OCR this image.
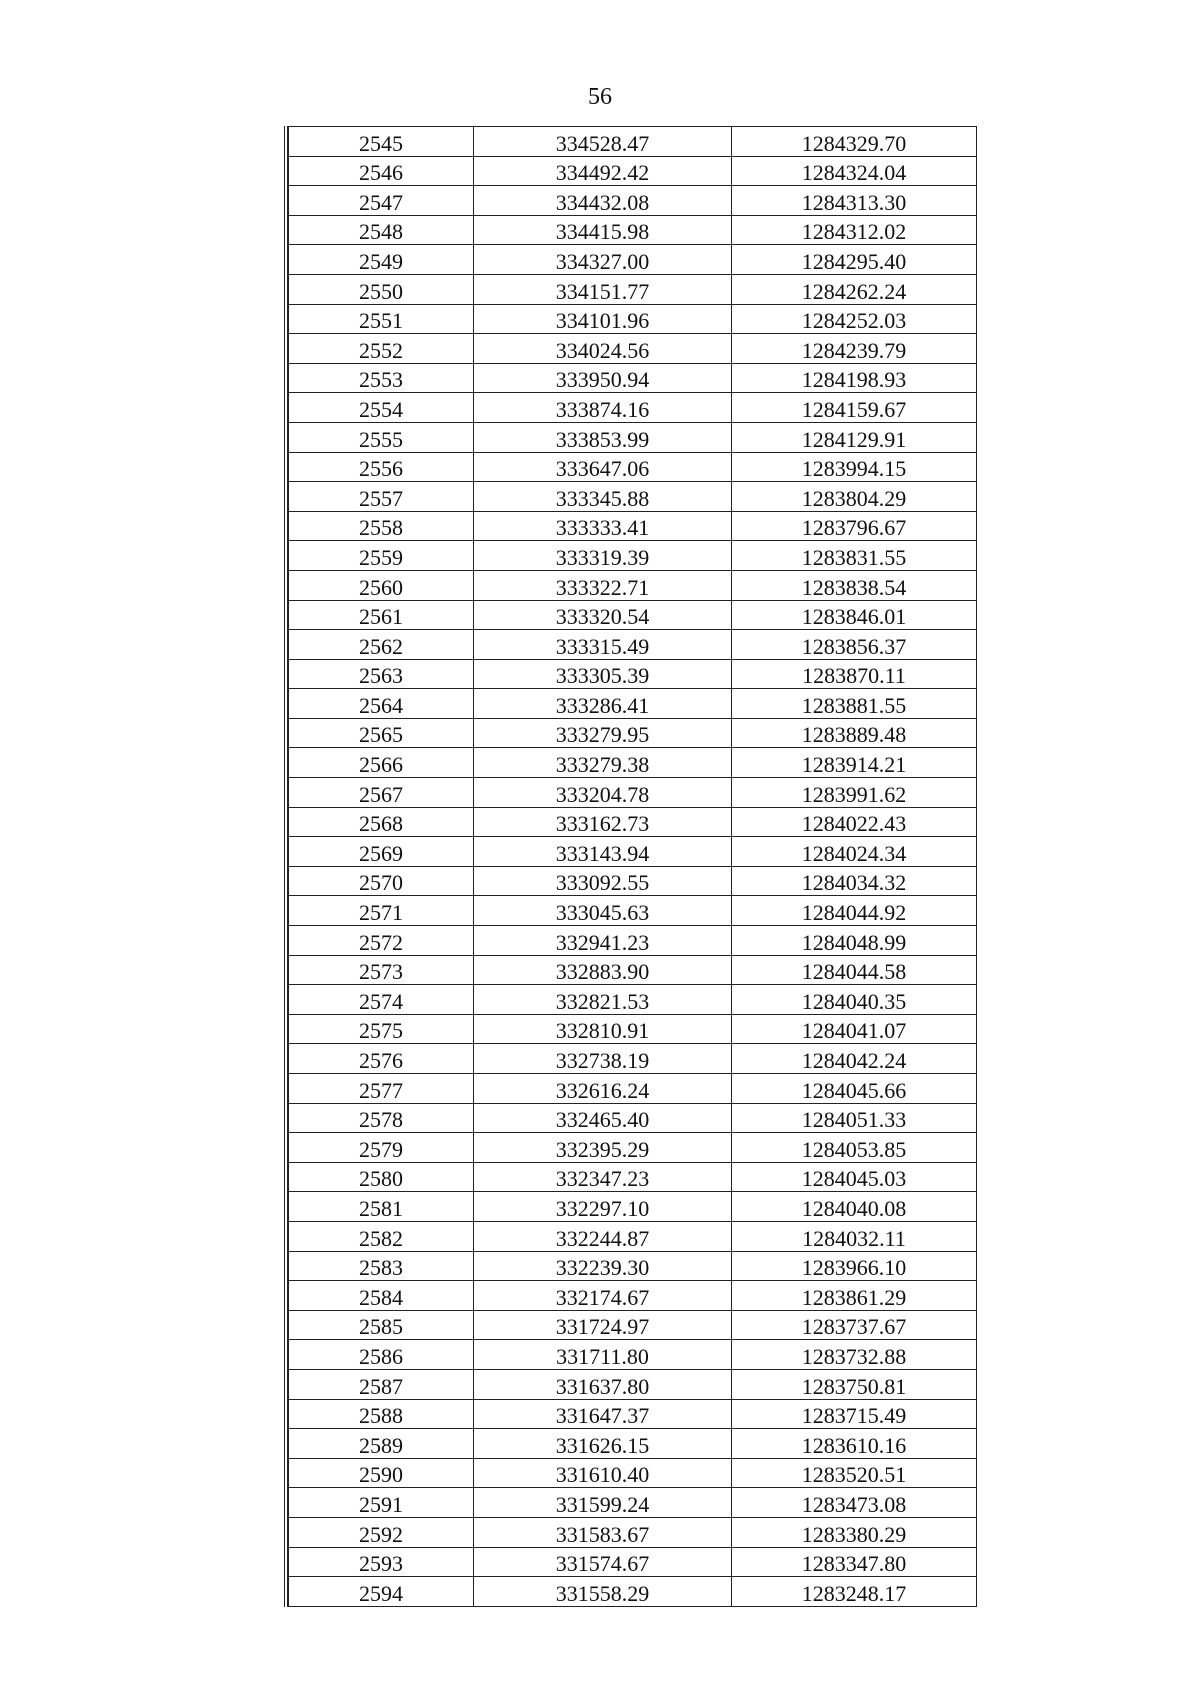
56
2545	334528.47	1284329.70
2546	334492.42	1284324.04
2547	334432.08	1284313.30
2548	334415.98	1284312.02
2549	334327.00	1284295.40
2550	334151.77	1284262.24
2551	334101.96	1284252.03
2552	334024.56	1284239.79
2553	333950.94	1284198.93
2554	333874.16	1284159.67
2555	333853.99	1284129.91
2556	333647.06	1283994.15
2557	333345.88	1283804.29
2558	333333.41	1283796.67
2559	333319.39	1283831.55
2560	333322.71	1283838.54
2561	333320.54	1283846.01
2562	333315.49	1283856.37
2563	333305.39	1283870.11
2564	333286.41	1283881.55
2565	333279.95	1283889.48
2566	333279.38	1283914.21
2567	333204.78	1283991.62
2568	333162.73	1284022.43
2569	333143.94	1284024.34
2570	333092.55	1284034.32
2571	333045.63	1284044.92
2572	332941.23	1284048.99
2573	332883.90	1284044.58
2574	332821.53	1284040.35
2575	332810.91	1284041.07
2576	332738.19	1284042.24
2577	332616.24	1284045.66
2578	332465.40	1284051.33
2579	332395.29	1284053.85
2580	332347.23	1284045.03
2581	332297.10	1284040.08
2582	332244.87	1284032.11
2583	332239.30	1283966.10
2584	332174.67	1283861.29
2585	331724.97	1283737.67
2586	331711.80	1283732.88
2587	331637.80	1283750.81
2588	331647.37	1283715.49
2589	331626.15	1283610.16
2590	331610.40	1283520.51
2591	331599.24	1283473.08
2592	331583.67	1283380.29
2593	331574.67	1283347.80
2594	331558.29	1283248.17
